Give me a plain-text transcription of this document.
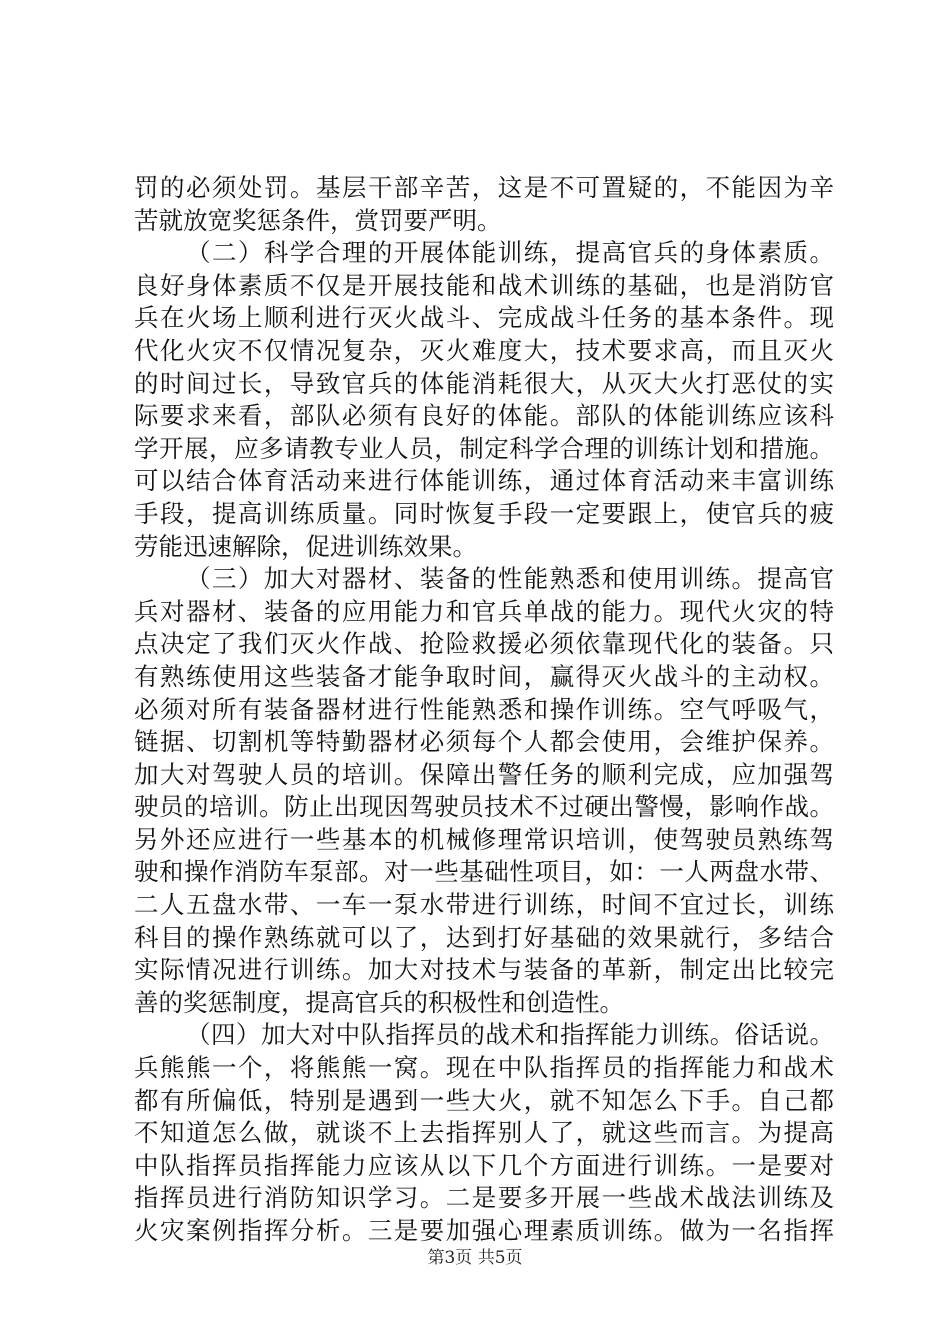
罚的必须处罚。基层干部辛苦，这是不可置疑的，不能因为辛
苦就放宽奖惩条件，赏罚要严明。
（二）科学合理的开展体能训练，提高官兵的身体素质。
良好身体素质不仅是开展技能和战术训练的基础，也是消防官
兵在火场上顺利进行灭火战斗、完成战斗任务的基本条件。现
代化火灾不仅情况复杂，灭火难度大，技术要求高，而且灭火
的时间过长，导致官兵的体能消耗很大，从灭大火打恶仗的实
际要求来看，部队必须有良好的体能。部队的体能训练应该科
学开展，应多请教专业人员，制定科学合理的训练计划和措施。
可以结合体育活动来进行体能训练，通过体育活动来丰富训练
手段，提高训练质量。同时恢复手段一定要跟上，使官兵的疲
劳能迅速解除，促进训练效果。
（三）加大对器材、装备的性能熟悉和使用训练。提高官
兵对器材、装备的应用能力和官兵单战的能力。现代火灾的特
点决定了我们灭火作战、抢险救援必须依靠现代化的装备。只
有熟练使用这些装备才能争取时间，赢得灭火战斗的主动权。
必须对所有装备器材进行性能熟悉和操作训练。空气呼吸气，
链据、切割机等特勤器材必须每个人都会使用，会维护保养。
加大对驾驶人员的培训。保障出警任务的顺利完成，应加强驾
驶员的培训。防止出现因驾驶员技术不过硬出警慢，影响作战。
另外还应进行一些基本的机械修理常识培训，使驾驶员熟练驾
驶和操作消防车泵部。对一些基础性项目，如：一人两盘水带、
二人五盘水带、一车一泵水带进行训练，时间不宜过长，训练
科目的操作熟练就可以了，达到打好基础的效果就行，多结合
实际情况进行训练。加大对技术与装备的革新，制定出比较完
善的奖惩制度，提高官兵的积极性和创造性。
（四）加大对中队指挥员的战术和指挥能力训练。俗话说。
兵熊熊一个，将熊熊一窝。现在中队指挥员的指挥能力和战术
都有所偏低，特别是遇到一些大火，就不知怎么下手。自己都
不知道怎么做，就谈不上去指挥别人了，就这些而言。为提高
中队指挥员指挥能力应该从以下几个方面进行训练。一是要对
指挥员进行消防知识学习。二是要多开展一些战术战法训练及
火灾案例指挥分析。三是要加强心理素质训练。做为一名指挥
第3页 共5页
